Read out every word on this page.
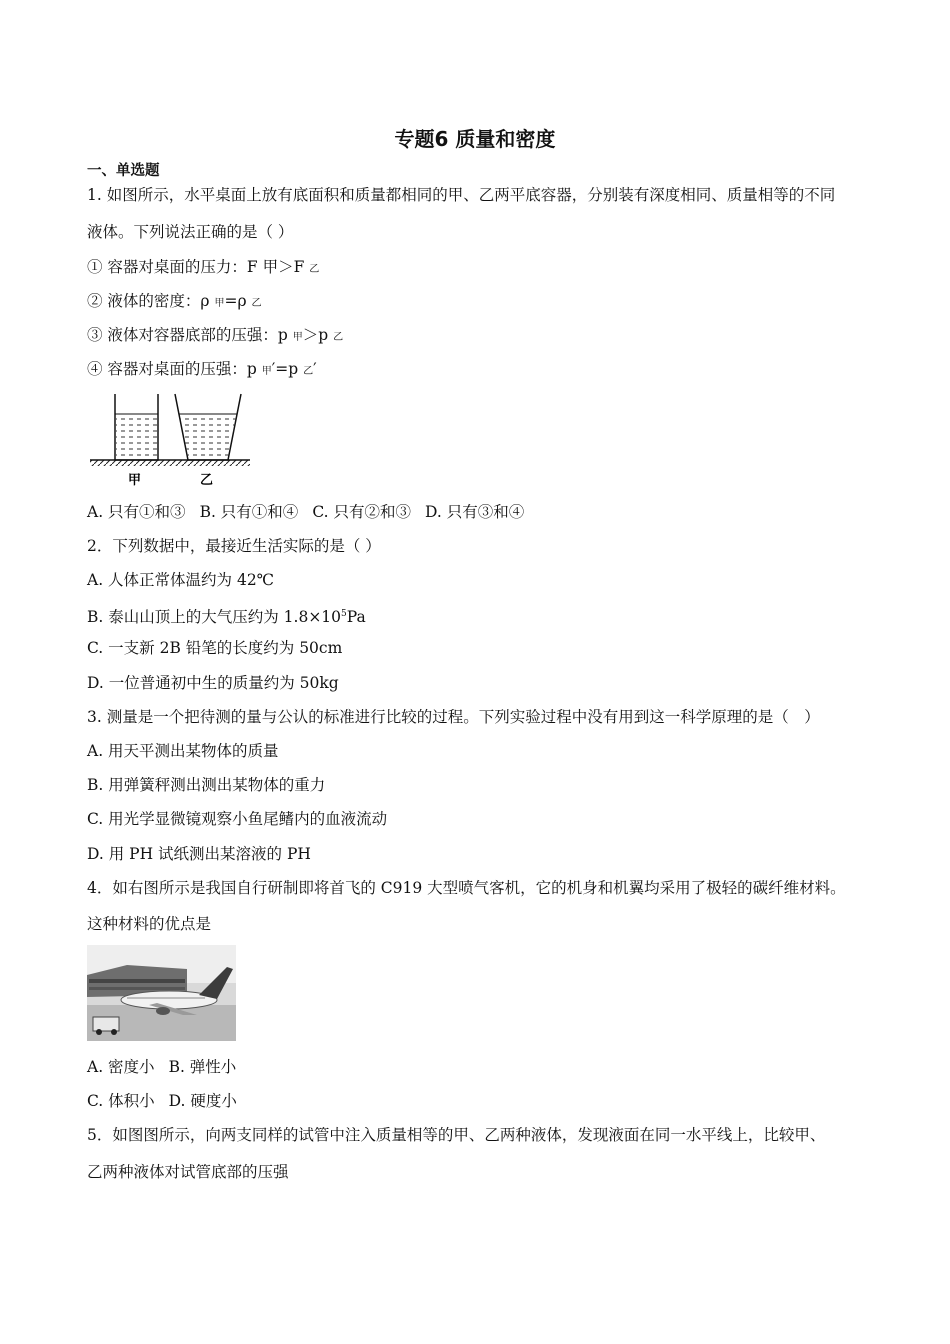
专题6 质量和密度
一、单选题
1. 如图所示，水平桌面上放有底面积和质量都相同的甲、乙两平底容器，分别装有深度相同、质量相等的不同
液体。下列说法正确的是（ ）
① 容器对桌面的压力：F 甲＞F 乙
② 液体的密度：ρ 甲=ρ 乙
③ 液体对容器底部的压强：p 甲＞p 乙
④ 容器对桌面的压强：p 甲′=p 乙′
甲	乙
A. 只有①和③ B. 只有①和④ C. 只有②和③ D. 只有③和④
2．下列数据中，最接近生活实际的是（ ）
A. 人体正常体温约为 42℃
B. 泰山山顶上的大气压约为 $1.8\times 10^5Pa$
C. 一支新 2B 铅笔的长度约为 50cm
D. 一位普通初中生的质量约为 50kg
3. 测量是一个把待测的量与公认的标准进行比较的过程。下列实验过程中没有用到这一科学原理的是（　）
A. 用天平测出某物体的质量
B. 用弹簧秤测出测出某物体的重力
C. 用光学显微镜观察小鱼尾鳍内的血液流动
D. 用 PH 试纸测出某溶液的 PH
4．如右图所示是我国自行研制即将首飞的 C919 大型喷气客机，它的机身和机翼均采用了极轻的碳纤维材料。
这种材料的优点是
A. 密度小 B. 弹性小
C. 体积小 D. 硬度小
5．如图图所示，向两支同样的试管中注入质量相等的甲、乙两种液体，发现液面在同一水平线上，比较甲、
乙两种液体对试管底部的压强
